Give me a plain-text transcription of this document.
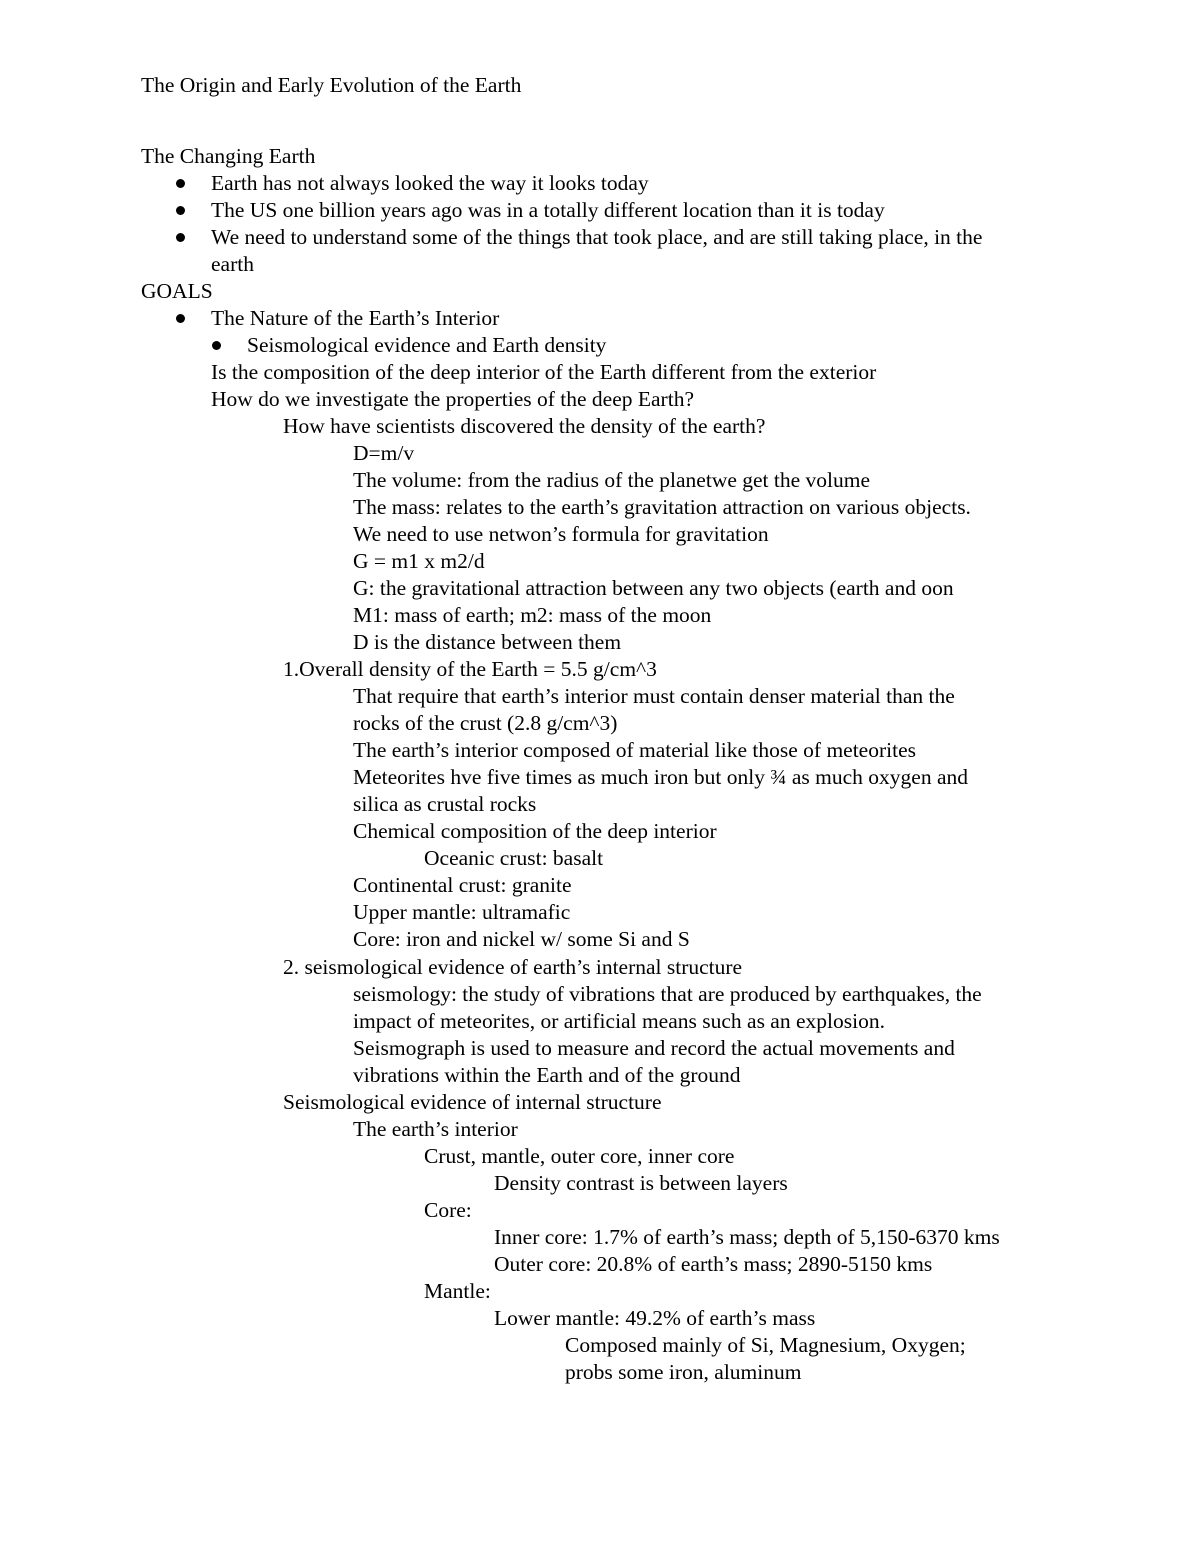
The Origin and Early Evolution of the Earth

The Changing Earth

Earth has not always looked the way it looks today

The US one billion years ago was in a totally different location than it is today

We need to understand some of the things that took place, and are still taking place, in the

earth

GOALS

The Nature of the Earth’s Interior

Seismological evidence and Earth density

Is the composition of the deep interior of the Earth different from the exterior

How do we investigate the properties of the deep Earth?

How have scientists discovered the density of the earth?

D=m/v

The volume: from the radius of the planetwe get the volume

The mass: relates to the earth’s gravitation attraction on various objects.

We need to use netwon’s formula for gravitation

G = m1 x m2/d

G: the gravitational attraction between any two objects (earth and oon

M1: mass of earth; m2: mass of the moon

D is the distance between them

1.Overall density of the Earth = 5.5 g/cm^3

That require that earth’s interior must contain denser material than the

rocks of the crust (2.8 g/cm^3)

The earth’s interior composed of material like those of meteorites

Meteorites hve five times as much iron but only ¾ as much oxygen and

silica as crustal rocks

Chemical composition of the deep interior

Oceanic crust: basalt

Continental crust: granite

Upper mantle: ultramafic

Core: iron and nickel w/ some Si and S

2. seismological evidence of earth’s internal structure

seismology: the study of vibrations that are produced by earthquakes, the

impact of meteorites, or artificial means such as an explosion.

Seismograph is used to measure and record the actual movements and

vibrations within the Earth and of the ground

Seismological evidence of internal structure

The earth’s interior

Crust, mantle, outer core, inner core

Density contrast is between layers

Core:

Inner core: 1.7% of earth’s mass; depth of 5,150-6370 kms

Outer core: 20.8% of earth’s mass; 2890-5150 kms

Mantle:

Lower mantle: 49.2% of earth’s mass

Composed mainly of Si, Magnesium, Oxygen;

probs some iron, aluminum
